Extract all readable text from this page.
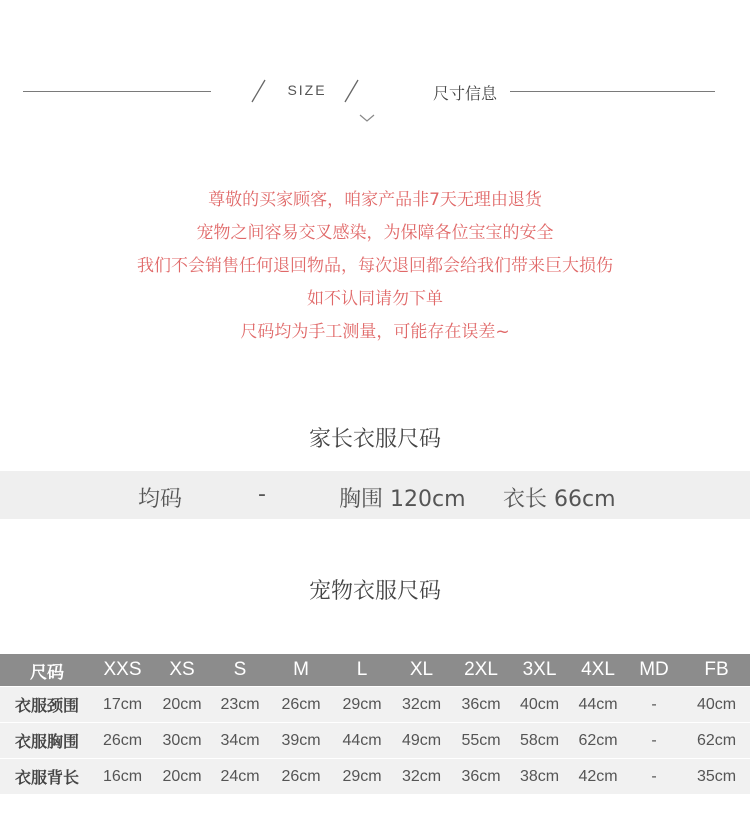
SIZE	尺寸信息
尊敬的买家顾客，咱家产品非7天无理由退货
宠物之间容易交叉感染，为保障各位宝宝的安全
我们不会销售任何退回物品，每次退回都会给我们带来巨大损伤
如不认同请勿下单
尺码均为手工测量，可能存在误差~
家长衣服尺码
均码	-	胸围 120cm 衣长 66cm
宠物衣服尺码
尺码	XXS	XS	S	M	L	XL	2XL	3XL	4XL	MD	FB
衣服颈围	17cm	20cm	23cm	26cm	29cm	32cm	36cm	40cm	44cm	-	40cm
衣服胸围	26cm	30cm	34cm	39cm	44cm	49cm	55cm	58cm	62cm	-	62cm
衣服背长	16cm	20cm	24cm	26cm	29cm	32cm	36cm	38cm	42cm	-	35cm
